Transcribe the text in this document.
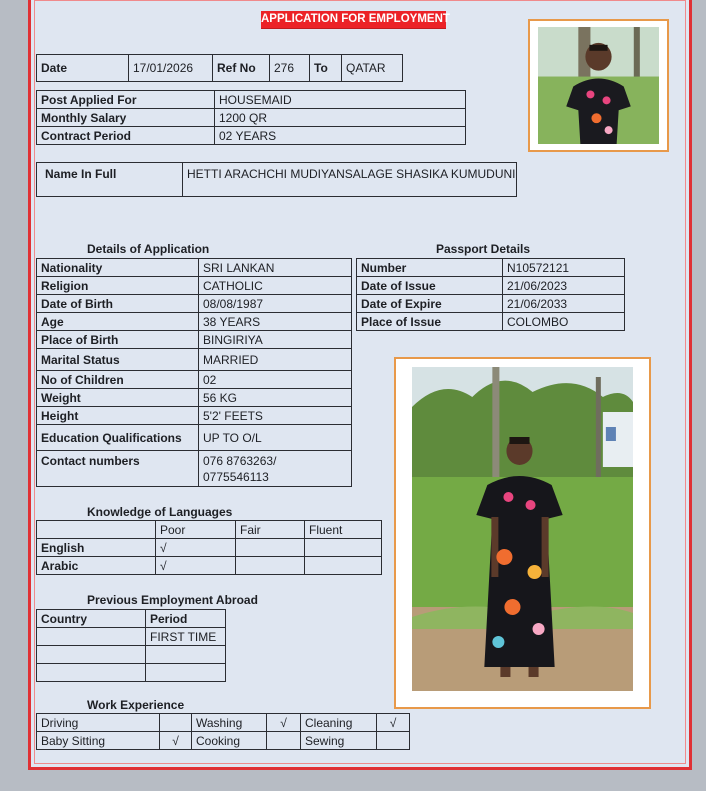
APPLICATION FOR EMPLOYMENT
Date	17/01/2026	Ref No	276	To	QATAR
Post Applied For	HOUSEMAID
Monthly Salary	1200 QR
Contract Period	02 YEARS
Name In Full	HETTI ARACHCHI MUDIYANSALAGE SHASIKA KUMUDUNI
Details of Application
Nationality	SRI LANKAN
Religion	CATHOLIC
Date of Birth	08/08/1987
Age	38 YEARS
Place of Birth	BINGIRIYA
Marital Status	MARRIED
No of Children	02
Weight	56 KG
Height	5'2' FEETS
Education Qualifications	UP TO O/L
Contact numbers	076 8763263/
0775546113
Passport Details
Number	N10572121
Date of Issue	21/06/2023
Date of Expire	21/06/2033
Place of Issue	COLOMBO
Knowledge of Languages
	Poor	Fair	Fluent
English	√		
Arabic	√		
Previous Employment Abroad
Country	Period
	FIRST TIME

Work Experience
Driving		Washing	√	Cleaning	√
Baby Sitting	√	Cooking		Sewing	
